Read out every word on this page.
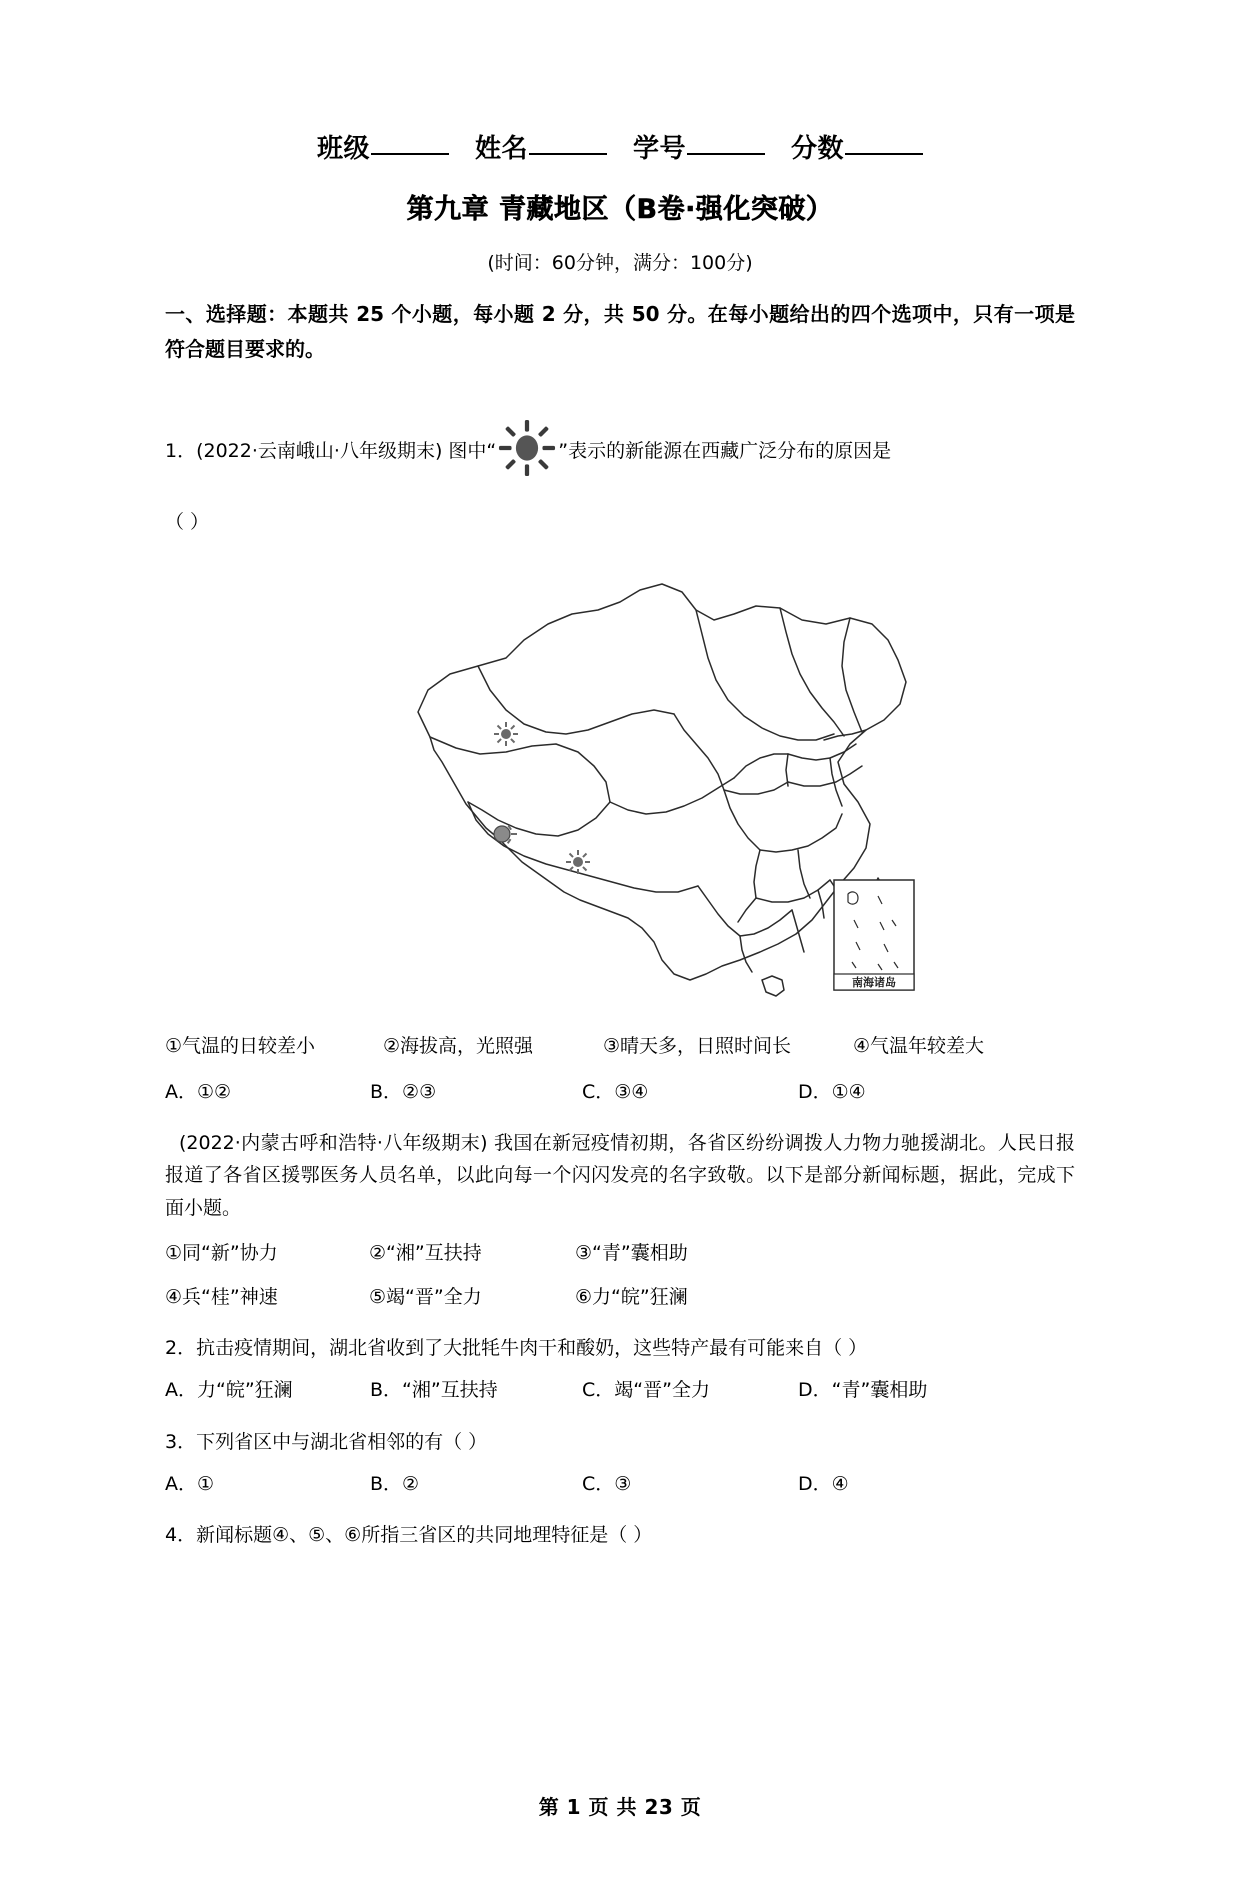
班级	姓名	学号	分数
第九章 青藏地区（B卷·强化突破）
(时间：60分钟，满分：100分)
一、选择题：本题共 25 个小题，每小题 2 分，共 50 分。在每小题给出的四个选项中，只有一项是符合题目要求的。
1．(2022·云南峨山·八年级期末) 图中“	”表示的新能源在西藏广泛分布的原因是
（ ）
南海诸岛
①气温的日较差小	②海拔高，光照强	③晴天多，日照时间长	④气温年较差大
A．①②	B．②③	C．③④	D．①④
(2022·内蒙古呼和浩特·八年级期末) 我国在新冠疫情初期，各省区纷纷调拨人力物力驰援湖北。人民日报报道了各省区援鄂医务人员名单，以此向每一个闪闪发亮的名字致敬。以下是部分新闻标题，据此，完成下面小题。
①同“新”协力	②“湘”互扶持	③“青”囊相助
④兵“桂”神速	⑤竭“晋”全力	⑥力“皖”狂澜
2．抗击疫情期间，湖北省收到了大批牦牛肉干和酸奶，这些特产最有可能来自（ ）
A．力“皖”狂澜	B．“湘”互扶持	C．竭“晋”全力	D．“青”囊相助
3．下列省区中与湖北省相邻的有（ ）
A．①	B．②	C．③	D．④
4．新闻标题④、⑤、⑥所指三省区的共同地理特征是（ ）
第 1 页 共 23 页
